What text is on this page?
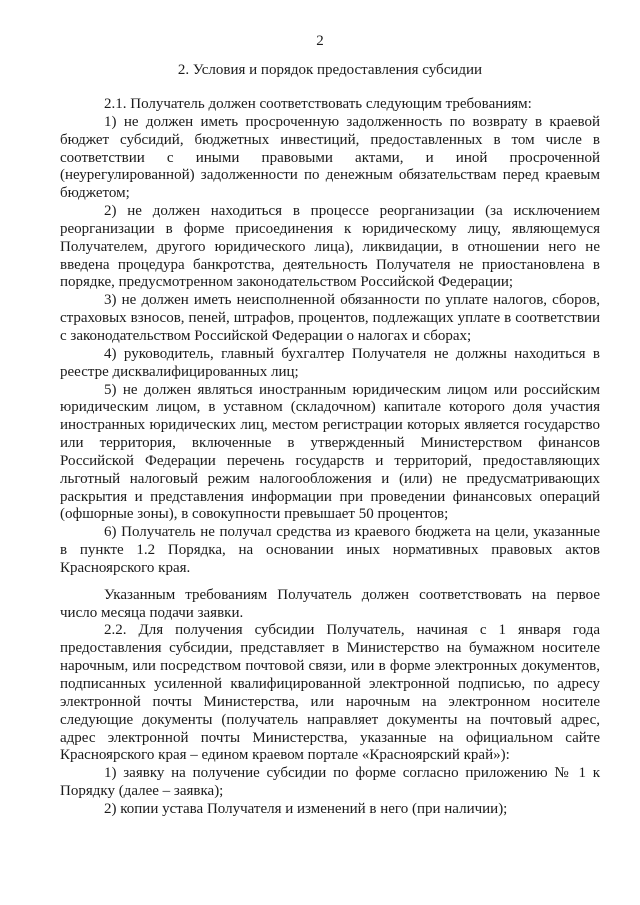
2
2. Условия и порядок предоставления субсидии

2.1. Получатель должен соответствовать следующим требованиям:

1) не должен иметь просроченную задолженность по возврату в краевой бюджет субсидий, бюджетных инвестиций, предоставленных в том числе в соответствии с иными правовыми актами, и иной просроченной (неурегулированной) задолженности по денежным обязательствам перед краевым бюджетом;

2) не должен находиться в процессе реорганизации (за исключением реорганизации в форме присоединения к юридическому лицу, являющемуся Получателем, другого юридического лица), ликвидации, в отношении него не введена процедура банкротства, деятельность Получателя не приостановлена в порядке, предусмотренном законодательством Российской Федерации;

3) не должен иметь неисполненной обязанности по уплате налогов, сборов, страховых взносов, пеней, штрафов, процентов, подлежащих уплате в соответствии с законодательством Российской Федерации о налогах и сборах;

4) руководитель, главный бухгалтер Получателя не должны находиться в реестре дисквалифицированных лиц;

5) не должен являться иностранным юридическим лицом или российским юридическим лицом, в уставном (складочном) капитале которого доля участия иностранных юридических лиц, местом регистрации которых является государство или территория, включенные в утвержденный Министерством финансов Российской Федерации перечень государств и территорий, предоставляющих льготный налоговый режим налогообложения и (или) не предусматривающих раскрытия и представления информации при проведении финансовых операций (офшорные зоны), в совокупности превышает 50 процентов;

6) Получатель не получал средства из краевого бюджета на цели, указанные в пункте 1.2 Порядка, на основании иных нормативных правовых актов Красноярского края.

Указанным требованиям Получатель должен соответствовать на первое число месяца подачи заявки.

2.2. Для получения субсидии Получатель, начиная с 1 января года предоставления субсидии, представляет в Министерство на бумажном носителе нарочным, или посредством почтовой связи, или в форме электронных документов, подписанных усиленной квалифицированной электронной подписью, по адресу электронной почты Министерства, или нарочным на электронном носителе следующие документы (получатель направляет документы на почтовый адрес, адрес электронной почты Министерства, указанные на официальном сайте Красноярского края – едином краевом портале «Красноярский край»):

1) заявку на получение субсидии по форме согласно приложению № 1 к Порядку (далее – заявка);

2) копии устава Получателя и изменений в него (при наличии);
